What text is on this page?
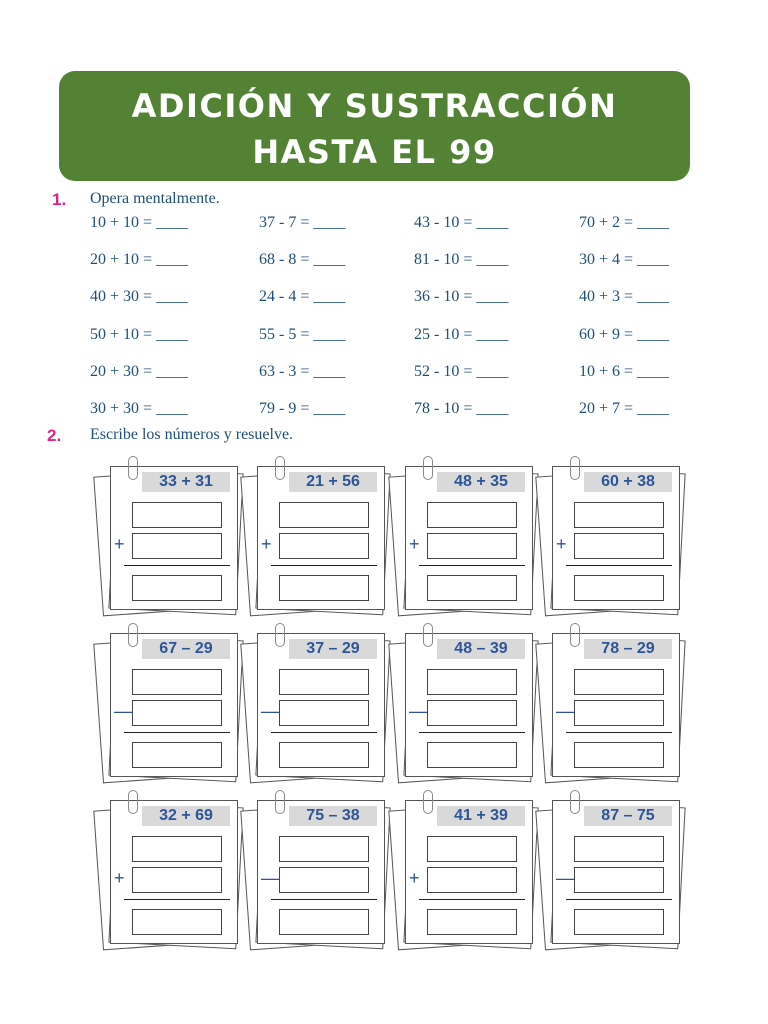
ADICIÓN Y SUSTRACCIÓN
HASTA EL 99
1. Opera mentalmente.
10 + 10 = ____
20 + 10 = ____
40 + 30 = ____
50 + 10 = ____
20 + 30 = ____
30 + 30 = ____
37 - 7 = ____
68 - 8 = ____
24 - 4 = ____
55 - 5 = ____
63 - 3 = ____
79 - 9 = ____
43 - 10 = ____
81 - 10 = ____
36 - 10 = ____
25 - 10 = ____
52 - 10 = ____
78 - 10 = ____
70 + 2 = ____
30 + 4 = ____
40 + 3 = ____
60 + 9 = ____
10 + 6 = ____
20 + 7 = ____
2. Escribe los números y resuelve.
33 + 31
+
21 + 56
+
48 + 35
+
60 + 38
+
67 – 29
—
37 – 29
—
48 – 39
—
78 – 29
—
32 + 69
+
75 – 38
—
41 + 39
+
87 – 75
—
